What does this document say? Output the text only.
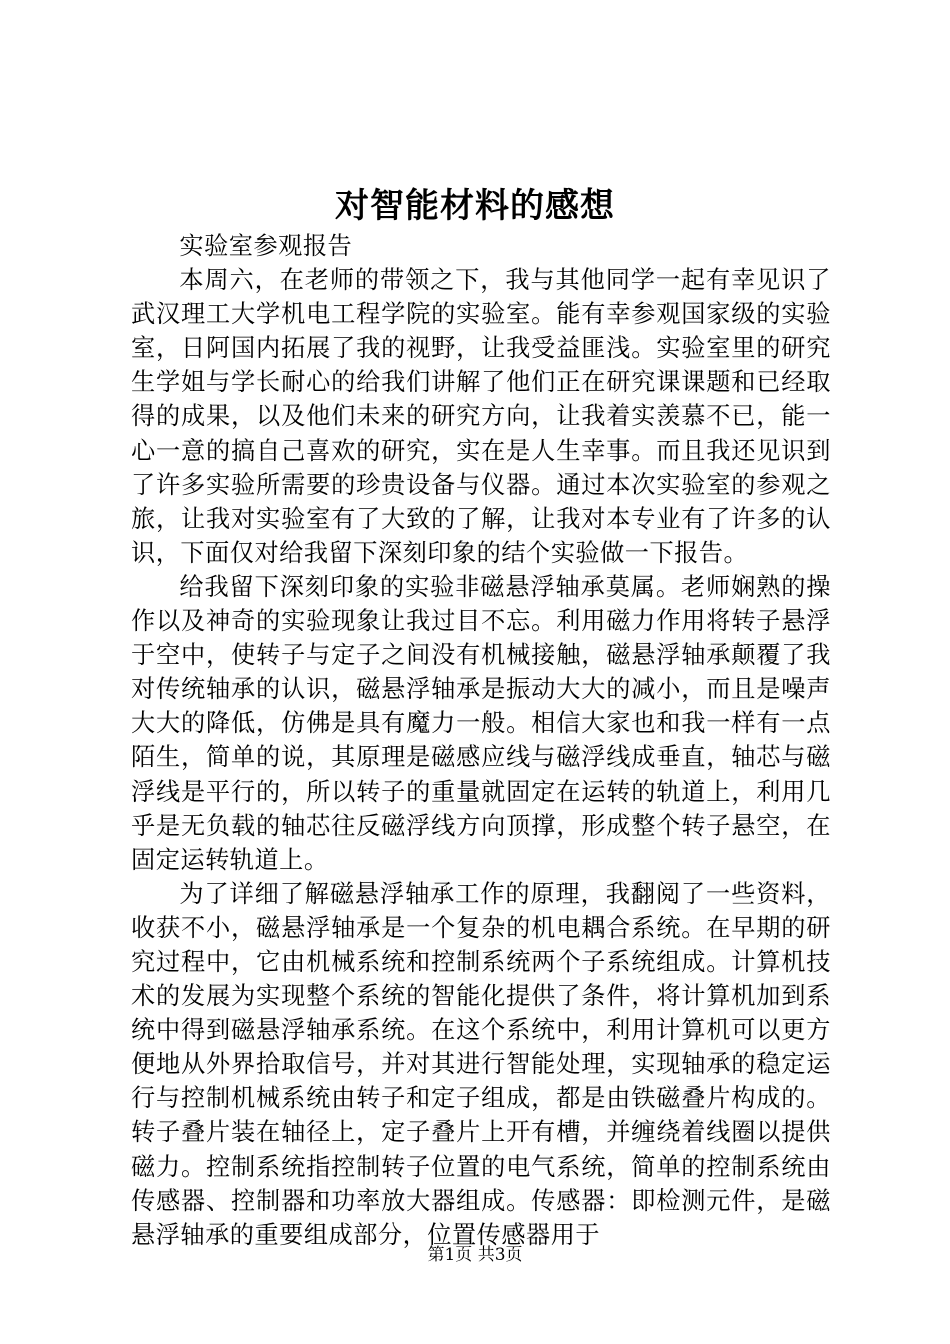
对智能材料的感想

实验室参观报告

本周六，在老师的带领之下，我与其他同学一起有幸见识了武汉理工大学机电工程学院的实验室。能有幸参观国家级的实验室，日阿国内拓展了我的视野，让我受益匪浅。实验室里的研究生学姐与学长耐心的给我们讲解了他们正在研究课课题和已经取得的成果，以及他们未来的研究方向，让我着实羡慕不已，能一心一意的搞自己喜欢的研究，实在是人生幸事。而且我还见识到了许多实验所需要的珍贵设备与仪器。通过本次实验室的参观之旅，让我对实验室有了大致的了解，让我对本专业有了许多的认识，下面仅对给我留下深刻印象的结个实验做一下报告。

给我留下深刻印象的实验非磁悬浮轴承莫属。老师娴熟的操作以及神奇的实验现象让我过目不忘。利用磁力作用将转子悬浮于空中，使转子与定子之间没有机械接触，磁悬浮轴承颠覆了我对传统轴承的认识，磁悬浮轴承是振动大大的减小，而且是噪声大大的降低，仿佛是具有魔力一般。相信大家也和我一样有一点陌生，简单的说，其原理是磁感应线与磁浮线成垂直，轴芯与磁浮线是平行的，所以转子的重量就固定在运转的轨道上，利用几乎是无负载的轴芯往反磁浮线方向顶撑，形成整个转子悬空，在固定运转轨道上。

为了详细了解磁悬浮轴承工作的原理，我翻阅了一些资料，收获不小，磁悬浮轴承是一个复杂的机电耦合系统。在早期的研究过程中，它由机械系统和控制系统两个子系统组成。计算机技术的发展为实现整个系统的智能化提供了条件，将计算机加到系统中得到磁悬浮轴承系统。在这个系统中，利用计算机可以更方便地从外界拾取信号，并对其进行智能处理，实现轴承的稳定运行与控制机械系统由转子和定子组成，都是由铁磁叠片构成的。转子叠片装在轴径上，定子叠片上开有槽，并缠绕着线圈以提供磁力。控制系统指控制转子位置的电气系统，简单的控制系统由传感器、控制器和功率放大器组成。传感器：即检测元件，是磁悬浮轴承的重要组成部分，位置传感器用于

第1页 共3页
